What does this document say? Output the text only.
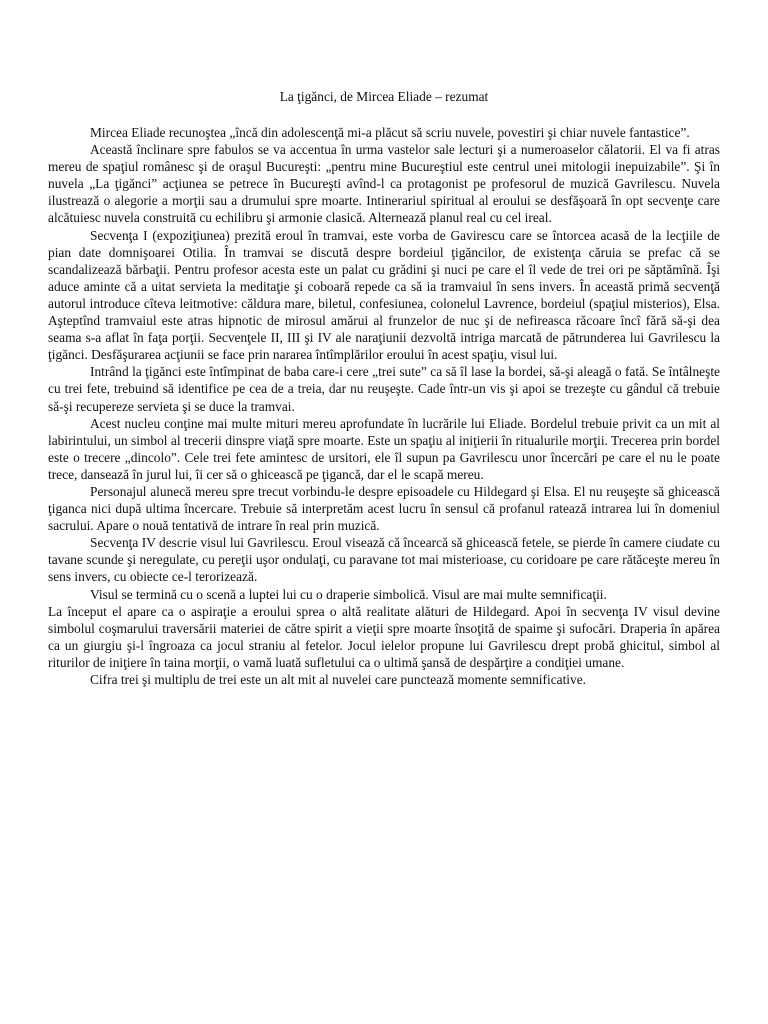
La ţigănci, de Mircea Eliade – rezumat

Mircea Eliade recunoştea „încă din adolescenţă mi-a plăcut să scriu nuvele, povestiri şi chiar nuvele fantastice”.

Această înclinare spre fabulos se va accentua în urma vastelor sale lecturi şi a numeroaselor călatorii. El va fi atras mereu de spaţiul românesc şi de oraşul Bucureşti: „pentru mine Bucureştiul este centrul unei mitologii inepuizabile”. Şi în nuvela „La ţigănci” acţiunea se petrece în Bucureşti avînd-l ca protagonist pe profesorul de muzică Gavrilescu. Nuvela ilustrează o alegorie a morţii sau a drumului spre moarte. Intinerariul spiritual al eroului se desfăşoară în opt secvenţe care alcătuiesc nuvela construită cu echilibru şi armonie clasică. Alternează planul real cu cel ireal.

Secvenţa I (expoziţiunea) prezită eroul în tramvai, este vorba de Gavirescu care se întorcea acasă de la lecţiile de pian date domnişoarei Otilia. În tramvai se discută despre bordeiul ţigăncilor, de existenţa căruia se prefac că se scandalizează bărbaţii. Pentru profesor acesta este un palat cu grădini şi nuci pe care el îl vede de trei ori pe săptămînă. Îşi aduce aminte că a uitat servieta la meditaţie şi coboară repede ca să ia tramvaiul în sens invers. În această primă secvenţă autorul introduce cîteva leitmotive: căldura mare, biletul, confesiunea, colonelul Lavrence, bordeiul (spaţiul misterios), Elsa. Aşteptînd tramvaiul este atras hipnotic de mirosul amărui al frunzelor de nuc şi de nefireasca răcoare încî fără să-şi dea seama s-a aflat în faţa porţii. Secvenţele II, III şi IV ale naraţiunii dezvoltă intriga marcată de pătrunderea lui Gavrilescu la ţigănci. Desfăşurarea acţiunii se face prin nararea întîmplărilor eroului în acest spaţiu, visul lui.

Intrând la ţigănci este întîmpinat de baba care-i cere „trei sute” ca să îl lase la bordei, să-şi aleagă o fată. Se întâlneşte cu trei fete, trebuind să identifice pe cea de a treia, dar nu reuşeşte. Cade într-un vis şi apoi se trezeşte cu gândul că trebuie să-şi recupereze servieta şi se duce la tramvai.

Acest nucleu conţine mai multe mituri mereu aprofundate în lucrările lui Eliade. Bordelul trebuie privit ca un mit al labirintului, un simbol al trecerii dinspre viaţă spre moarte. Este un spaţiu al iniţierii în ritualurile morţii. Trecerea prin bordel este o trecere „dincolo”. Cele trei fete amintesc de ursitori, ele îl supun pa Gavrilescu unor încercări pe care el nu le poate trece, dansează în jurul lui, îi cer să o ghicească pe ţigancă, dar el le scapă mereu.

Personajul alunecă mereu spre trecut vorbindu-le despre episoadele cu Hildegard şi Elsa. El nu reuşeşte să ghicească ţiganca nici după ultima încercare. Trebuie să interpretăm acest lucru în sensul că profanul ratează intrarea lui în domeniul sacrului. Apare o nouă tentativă de intrare în real prin muzică.

Secvenţa IV descrie visul lui Gavrilescu. Eroul visează că încearcă să ghicească fetele, se pierde în camere ciudate cu tavane scunde şi neregulate, cu pereţii uşor ondulaţi, cu paravane tot mai misterioase, cu coridoare pe care rătăceşte mereu în sens invers, cu obiecte ce-l terorizează.

Visul se termină cu o scenă a luptei lui cu o draperie simbolică. Visul are mai multe semnificaţii.

La început el apare ca o aspiraţie a eroului sprea o altă realitate alături de Hildegard. Apoi în secvenţa IV visul devine simbolul coşmarului traversării materiei de către spirit a vieţii spre moarte însoţită de spaime şi sufocări. Draperia în apărea ca un giurgiu şi-l îngroaza ca jocul straniu al fetelor. Jocul ielelor propune lui Gavrilescu drept probă ghicitul, simbol al riturilor de iniţiere în taina morţii, o vamă luată sufletului ca o ultimă şansă de despărţire a condiţiei umane.

Cifra trei şi multiplu de trei este un alt mit al nuvelei care punctează momente semnificative.
